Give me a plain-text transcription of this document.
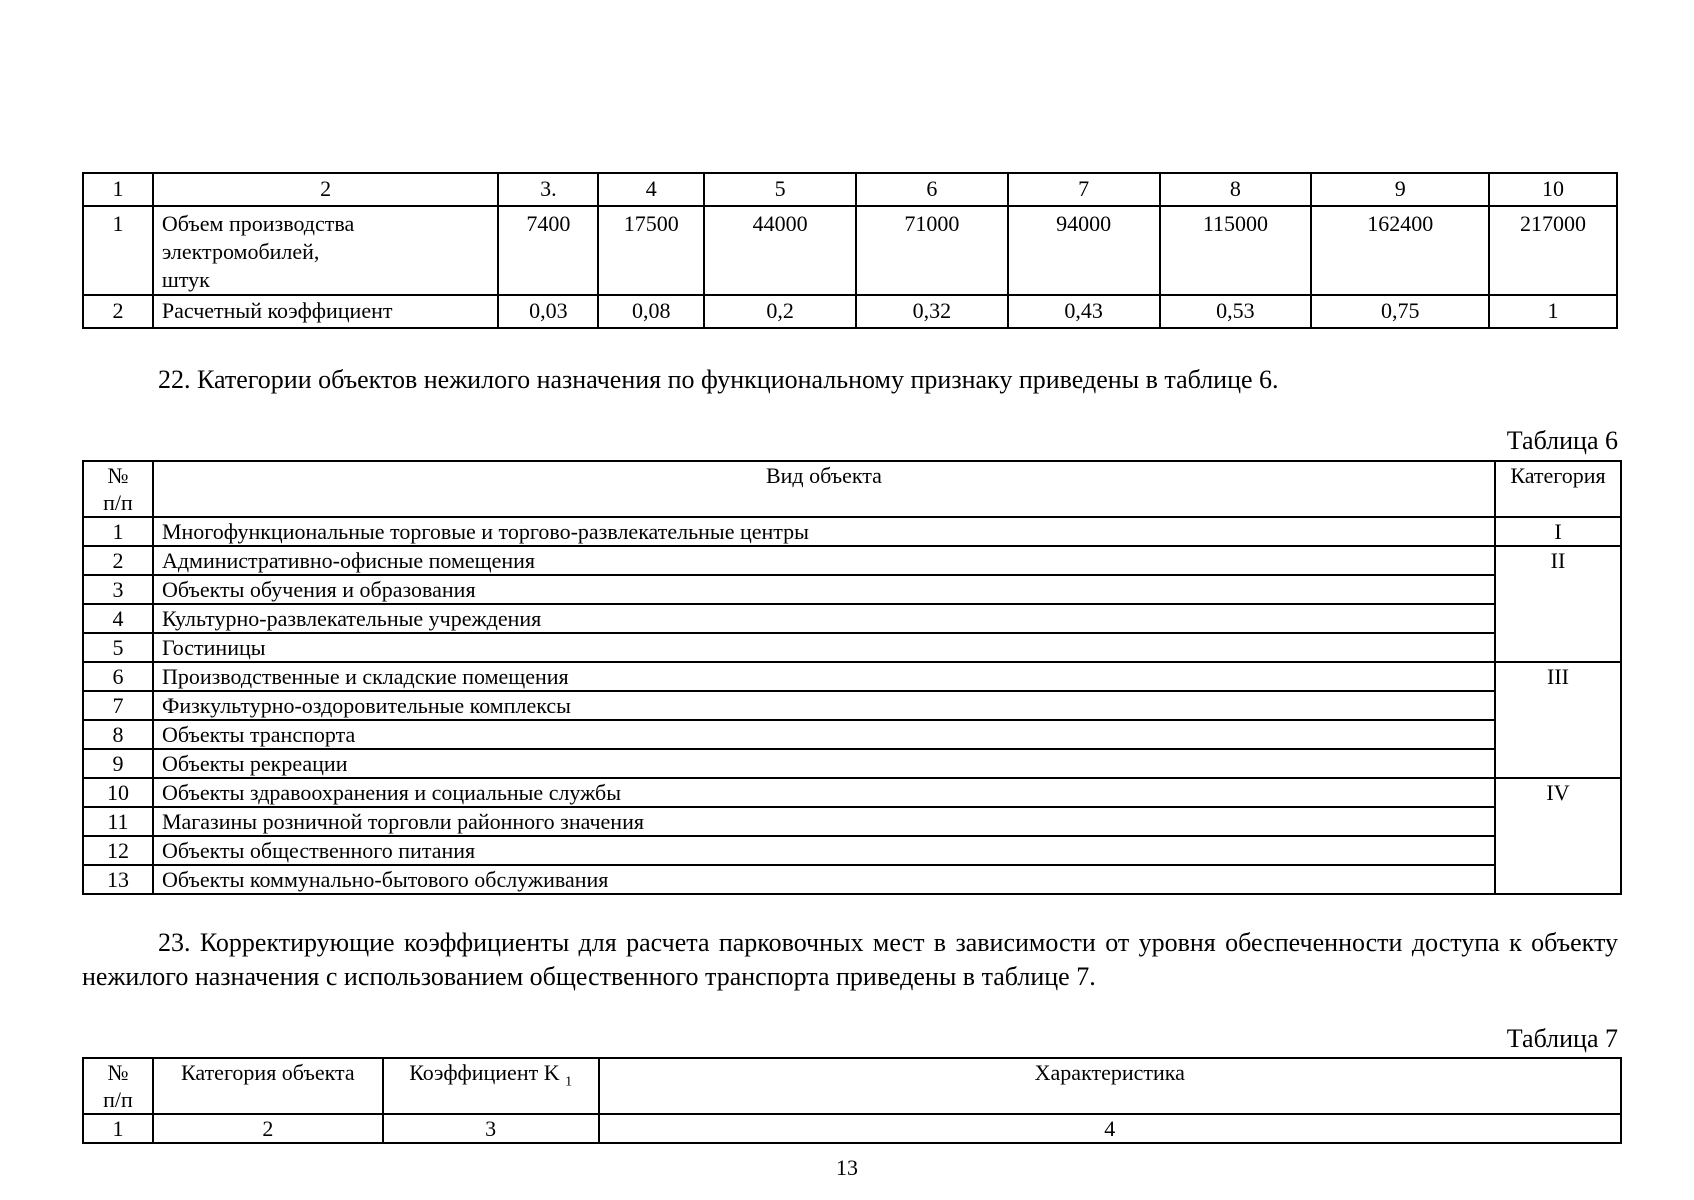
1	2	3.	4	5	6	7	8	9	10
1	Объем производства
электромобилей,
штук	7400	17500	44000	71000	94000	115000	162400	217000
2	Расчетный коэффициент	0,03	0,08	0,2	0,32	0,43	0,53	0,75	1
22. Категории объектов нежилого назначения по функциональному признаку приведены в таблице 6.
Таблица 6
№
п/п	Вид объекта	Категория
1	Многофункциональные торговые и торгово-развлекательные центры	I
2	Административно-офисные помещения	II
3	Объекты обучения и образования	
4	Культурно-развлекательные учреждения	
5	Гостиницы	
6	Производственные и складские помещения	III
7	Физкультурно-оздоровительные комплексы	
8	Объекты транспорта	
9	Объекты рекреации	
10	Объекты здравоохранения и социальные службы	IV
11	Магазины розничной торговли районного значения	
12	Объекты общественного питания	
13	Объекты коммунально-бытового обслуживания	
23. Корректирующие коэффициенты для расчета парковочных мест в зависимости от уровня обеспеченности доступа к объекту нежилого назначения с использованием общественного транспорта приведены в таблице 7.
Таблица 7
№
п/п	Категория объекта	Коэффициент K $_1$	Характеристика
1	2	3	4
13
